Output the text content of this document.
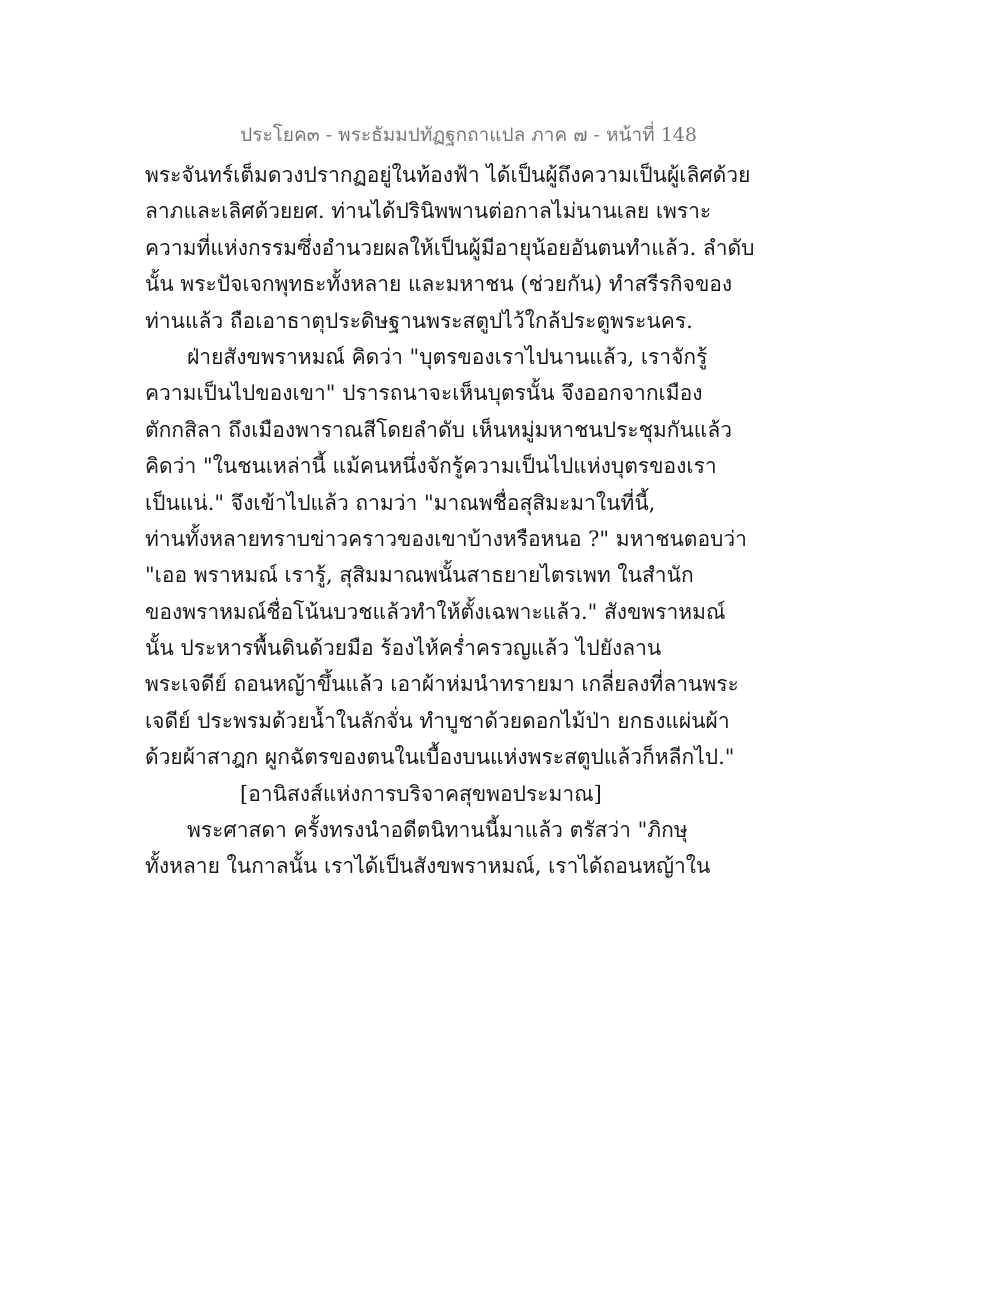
ประโยค๓ - พระธัมมปทัฏฐกถาแปล ภาค ๗ - หน้าที่ 148
พระจันทร์เต็มดวงปรากฏอยู่ในท้องฟ้า ได้เป็นผู้ถึงความเป็นผู้เลิศด้วย
ลาภและเลิศด้วยยศ. ท่านได้ปรินิพพานต่อกาลไม่นานเลย เพราะ
ความที่แห่งกรรมซึ่งอำนวยผลให้เป็นผู้มีอายุน้อยอันตนทำแล้ว. ลำดับ
นั้น พระปัจเจกพุทธะทั้งหลาย และมหาชน (ช่วยกัน) ทำสรีรกิจของ
ท่านแล้ว ถือเอาธาตุประดิษฐานพระสตูปไว้ใกล้ประตูพระนคร.
ฝ่ายสังขพราหมณ์ คิดว่า "บุตรของเราไปนานแล้ว, เราจักรู้
ความเป็นไปของเขา" ปรารถนาจะเห็นบุตรนั้น จึงออกจากเมือง
ตักกสิลา ถึงเมืองพาราณสีโดยลำดับ เห็นหมู่มหาชนประชุมกันแล้ว
คิดว่า "ในชนเหล่านี้ แม้คนหนึ่งจักรู้ความเป็นไปแห่งบุตรของเรา
เป็นแน่." จึงเข้าไปแล้ว ถามว่า "มาณพชื่อสุสิมะมาในที่นี้,
ท่านทั้งหลายทราบข่าวคราวของเขาบ้างหรือหนอ ?" มหาชนตอบว่า
"เออ พราหมณ์ เรารู้, สุสิมมาณพนั้นสาธยายไตรเพท ในสำนัก
ของพราหมณ์ชื่อโน้นบวชแล้วทำให้ตั้งเฉพาะแล้ว." สังขพราหมณ์
นั้น ประหารพื้นดินด้วยมือ ร้องไห้คร่ำครวญแล้ว ไปยังลาน
พระเจดีย์ ถอนหญ้าขึ้นแล้ว เอาผ้าห่มนำทรายมา เกลี่ยลงที่ลานพระ
เจดีย์ ประพรมด้วยน้ำในลักจั่น ทำบูชาด้วยดอกไม้ป่า ยกธงแผ่นผ้า
ด้วยผ้าสาฎก ผูกฉัตรของตนในเบื้องบนแห่งพระสตูปแล้วก็หลีกไป."
[อานิสงส์แห่งการบริจาคสุขพอประมาณ]
พระศาสดา ครั้งทรงนำอดีตนิทานนี้มาแล้ว ตรัสว่า "ภิกษุ
ทั้งหลาย ในกาลนั้น เราได้เป็นสังขพราหมณ์, เราได้ถอนหญ้าใน
